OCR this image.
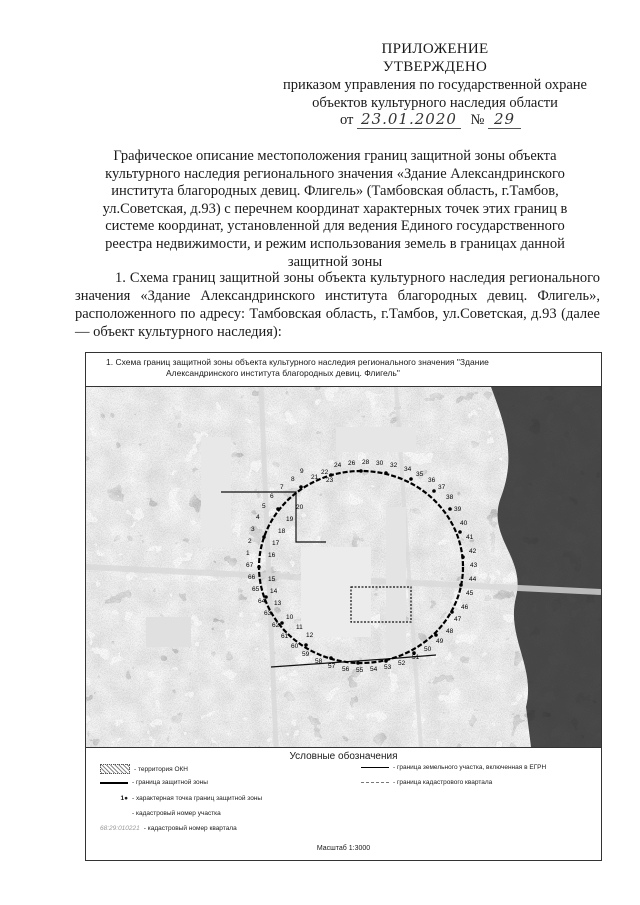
ПРИЛОЖЕНИЕ
УТВЕРЖДЕНО
приказом управления по государственной охране
объектов культурного наследия области
от 23.01.2020 № 29
Графическое описание местоположения границ защитной зоны объекта
культурного наследия регионального значения «Здание Александринского
института благородных девиц. Флигель» (Тамбовская область, г.Тамбов,
ул.Советская, д.93) с перечнем координат характерных точек этих границ в
системе координат, установленной для ведения Единого государственного
реестра недвижимости, и режим использования земель в границах данной
защитной зоны
1. Схема границ защитной зоны объекта культурного наследия регионального значения «Здание Александринского института благородных девиц. Флигель», расположенного по адресу: Тамбовская область, г.Тамбов, ул.Советская, д.93 (далее — объект культурного наследия):
1. Схема границ защитной зоны объекта культурного наследия регионального значения "Здание
Александринского института благородных девиц. Флигель"
24 26 28 30 32
34
35
36
21
22
23
37
38
39
40
41
42
43
44
45
46
47
48
49
50
51
52
53
54
55
56
57
58
59
60
61
62
63
64
65
66
67
1
2
3
4
5
6
7
8
9
10
11
12
13
14
15
16
17
18
19
20
Условные обозначения
- территория ОКН
- граница защитной зоны
1● - характерная точка границ защитной зоны
- кадастровый номер участка
68:29:010221 - кадастровый номер квартала
- граница земельного участка, включенная в ЕГРН
- граница кадастрового квартала
Масштаб 1:3000
